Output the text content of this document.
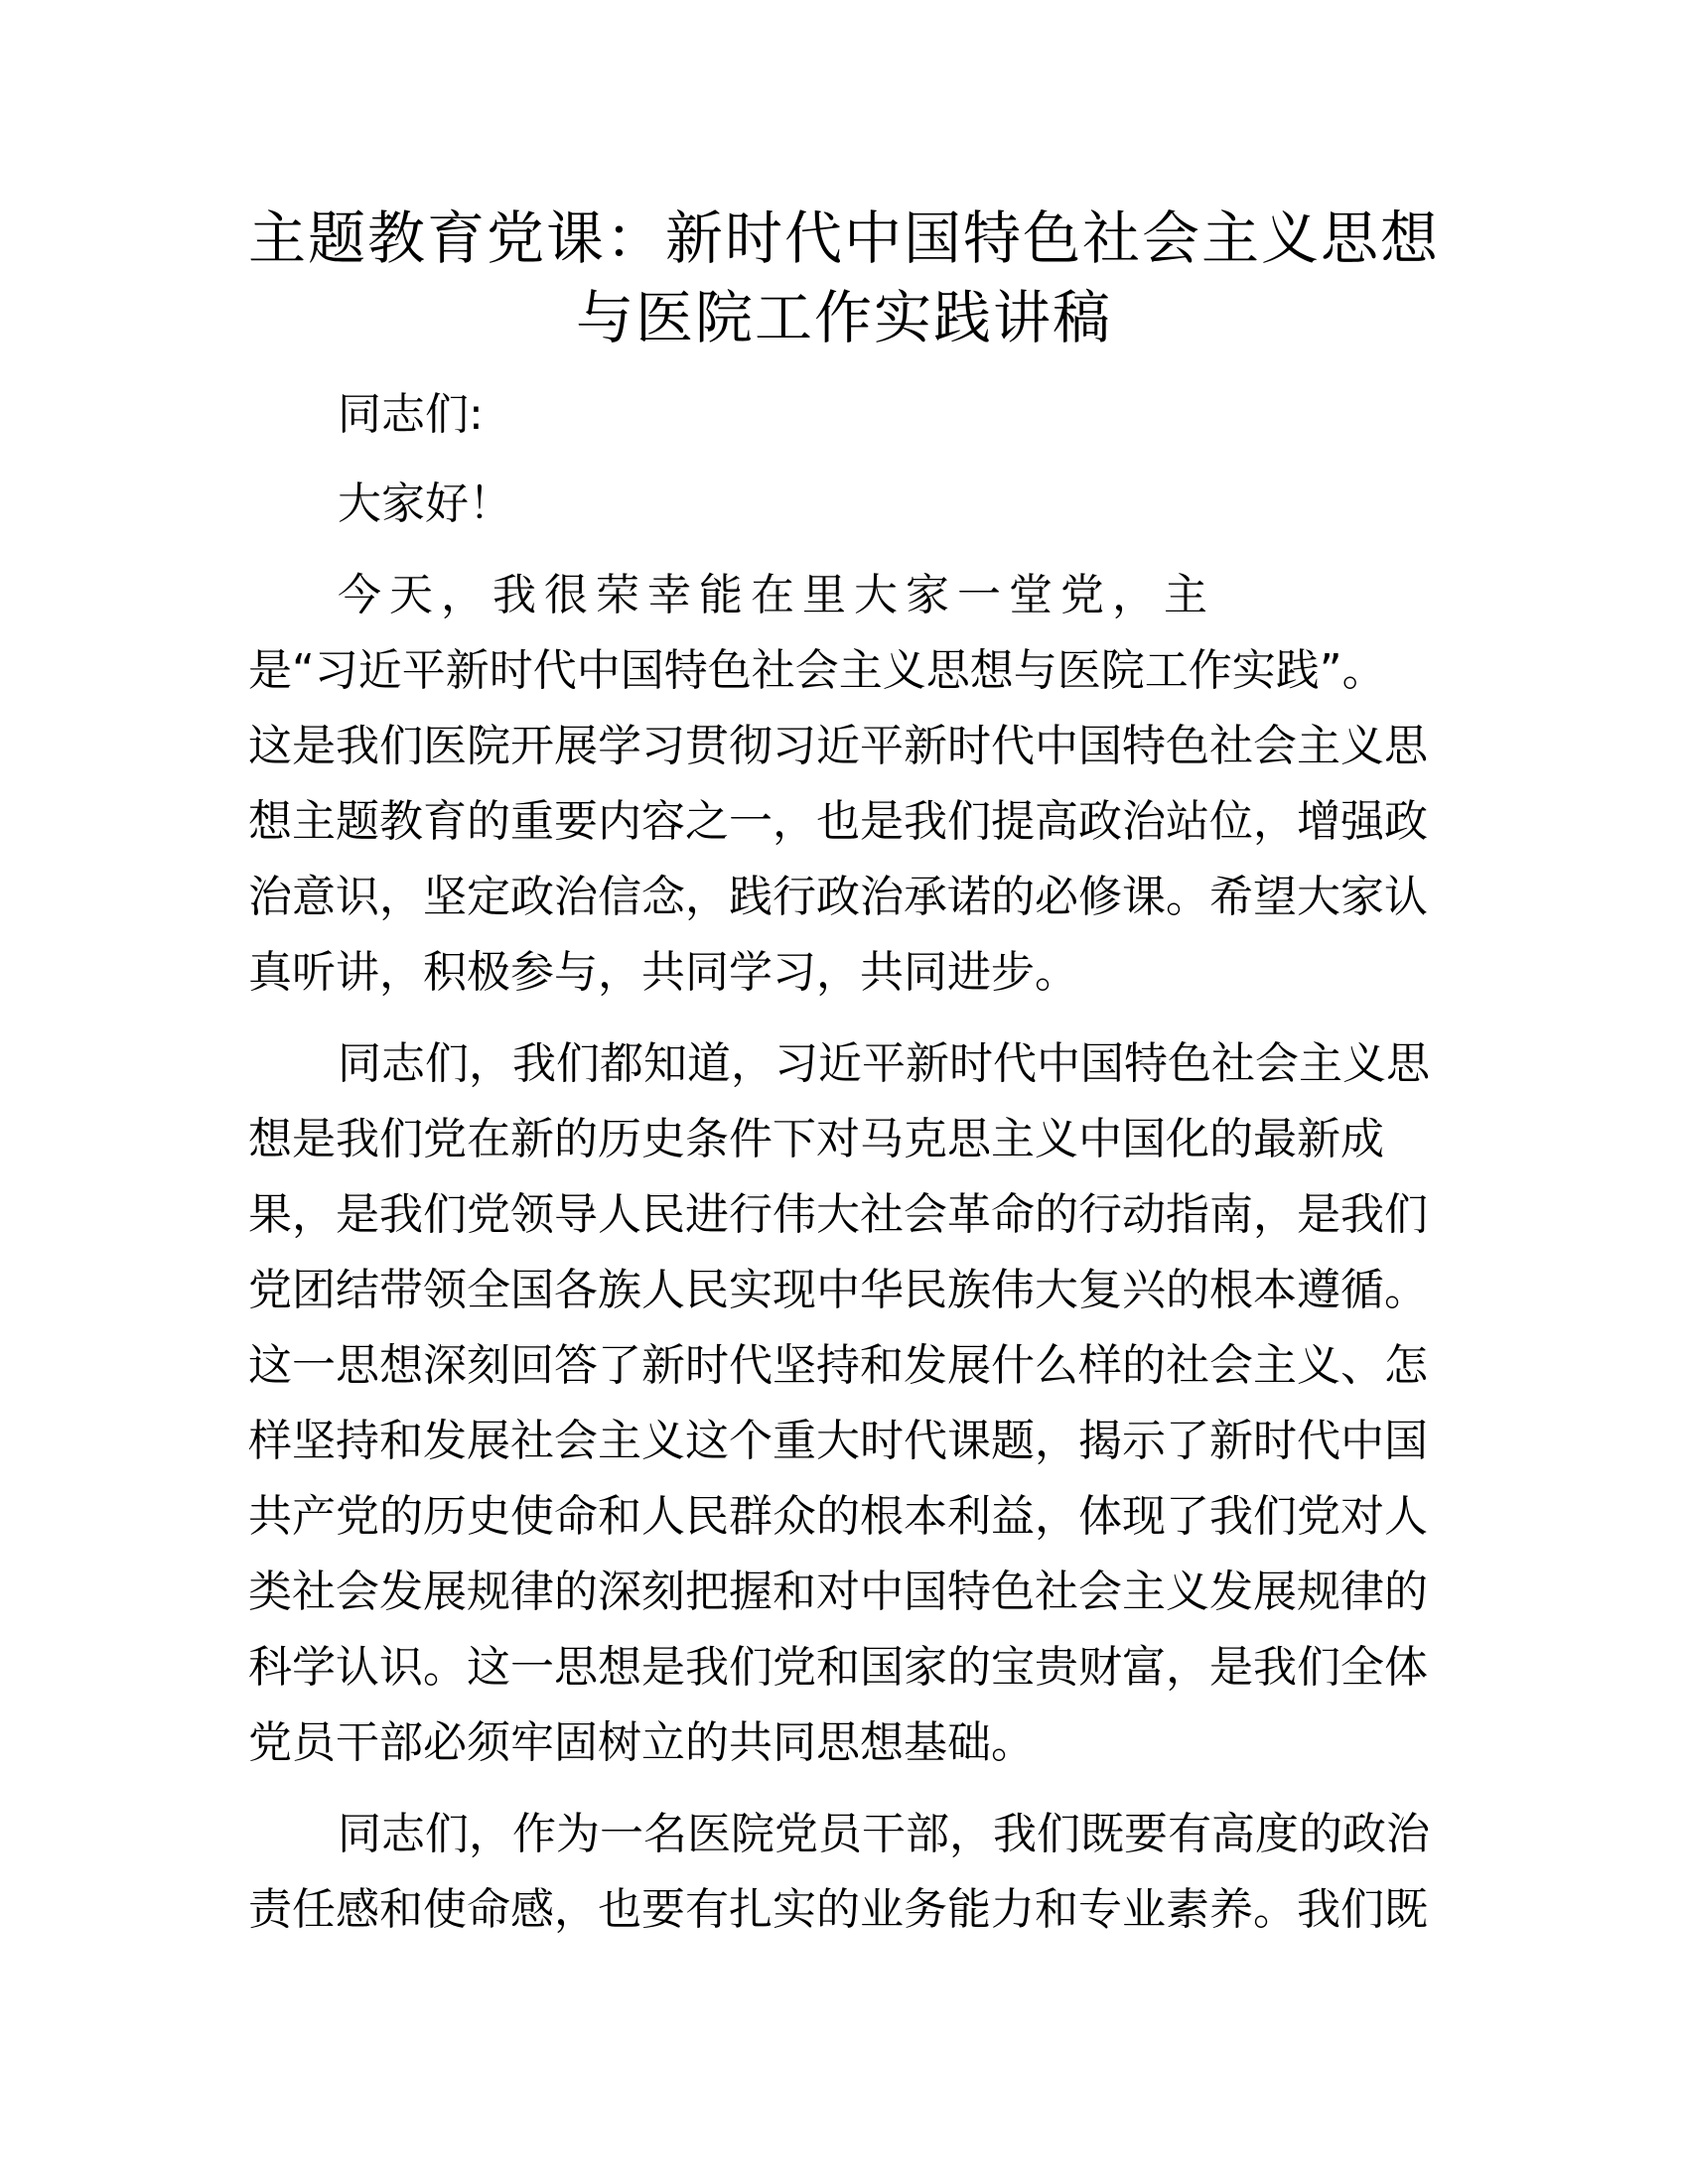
主题教育党课：新时代中国特色社会主义思想
与医院工作实践讲稿
同志们:
大家好！
今天，我很荣幸能在里大家一堂党，主
是“习近平新时代中国特色社会主义思想与医院工作实践”。
这是我们医院开展学习贯彻习近平新时代中国特色社会主义思
想主题教育的重要内容之一，也是我们提高政治站位，增强政
治意识，坚定政治信念，践行政治承诺的必修课。希望大家认
真听讲，积极参与，共同学习，共同进步。
同志们，我们都知道，习近平新时代中国特色社会主义思
想是我们党在新的历史条件下对马克思主义中国化的最新成
果，是我们党领导人民进行伟大社会革命的行动指南，是我们
党团结带领全国各族人民实现中华民族伟大复兴的根本遵循。
这一思想深刻回答了新时代坚持和发展什么样的社会主义、怎
样坚持和发展社会主义这个重大时代课题，揭示了新时代中国
共产党的历史使命和人民群众的根本利益，体现了我们党对人
类社会发展规律的深刻把握和对中国特色社会主义发展规律的
科学认识。这一思想是我们党和国家的宝贵财富，是我们全体
党员干部必须牢固树立的共同思想基础。
同志们，作为一名医院党员干部，我们既要有高度的政治
责任感和使命感，也要有扎实的业务能力和专业素养。我们既
